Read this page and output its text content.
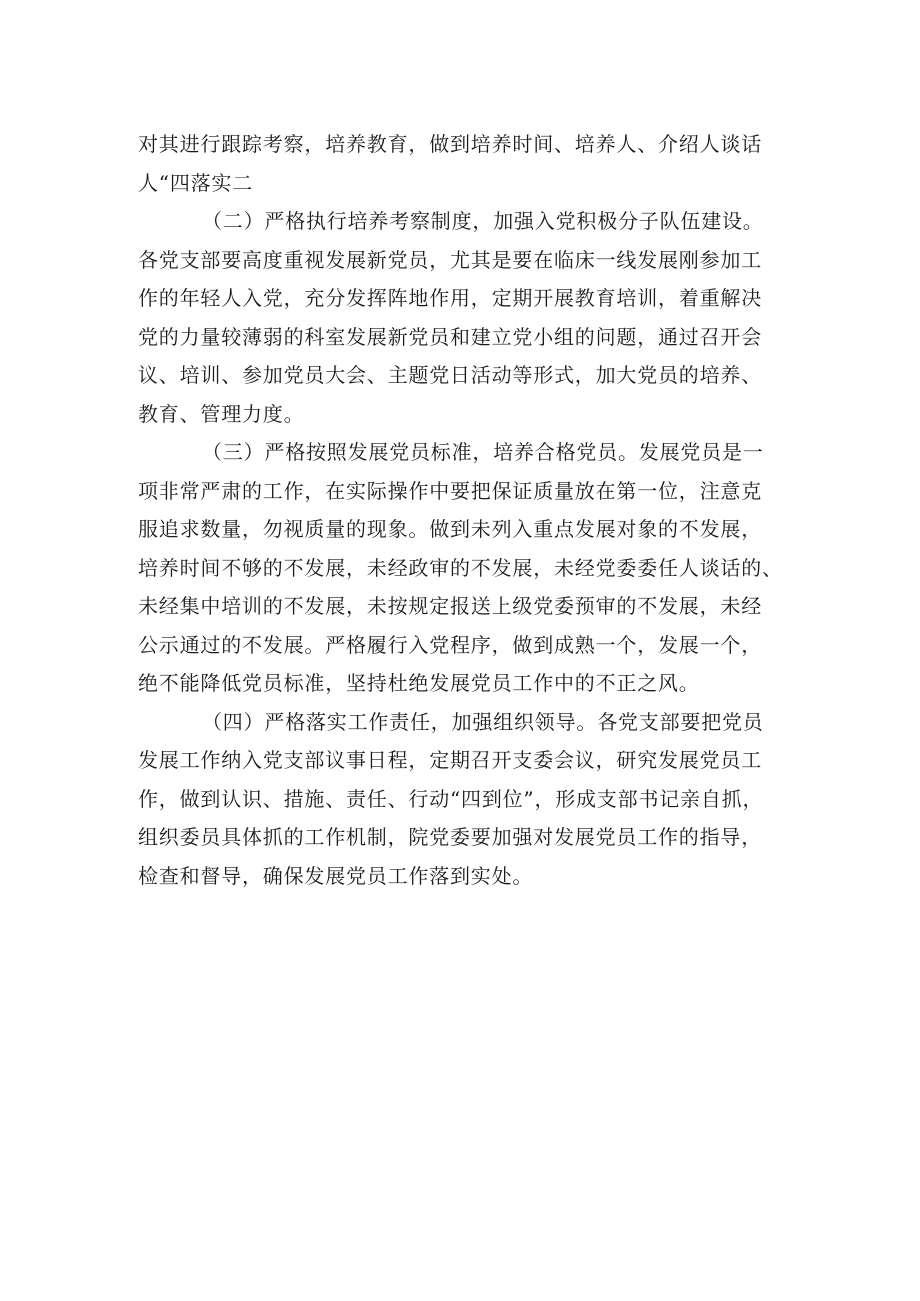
对其进行跟踪考察，培养教育，做到培养时间、培养人、介绍人谈话
人“四落实二

（二）严格执行培养考察制度，加强入党积极分子队伍建设。
各党支部要高度重视发展新党员，尤其是要在临床一线发展刚参加工
作的年轻人入党，充分发挥阵地作用，定期开展教育培训，着重解决
党的力量较薄弱的科室发展新党员和建立党小组的问题，通过召开会
议、培训、参加党员大会、主题党日活动等形式，加大党员的培养、
教育、管理力度。

（三）严格按照发展党员标准，培养合格党员。发展党员是一
项非常严肃的工作，在实际操作中要把保证质量放在第一位，注意克
服追求数量，勿视质量的现象。做到未列入重点发展对象的不发展，
培养时间不够的不发展，未经政审的不发展，未经党委委任人谈话的、
未经集中培训的不发展，未按规定报送上级党委预审的不发展，未经
公示通过的不发展。严格履行入党程序，做到成熟一个，发展一个，
绝不能降低党员标准，坚持杜绝发展党员工作中的不正之风。

（四）严格落实工作责任，加强组织领导。各党支部要把党员
发展工作纳入党支部议事日程，定期召开支委会议，研究发展党员工
作，做到认识、措施、责任、行动“四到位”，形成支部书记亲自抓，
组织委员具体抓的工作机制，院党委要加强对发展党员工作的指导，
检查和督导，确保发展党员工作落到实处。
